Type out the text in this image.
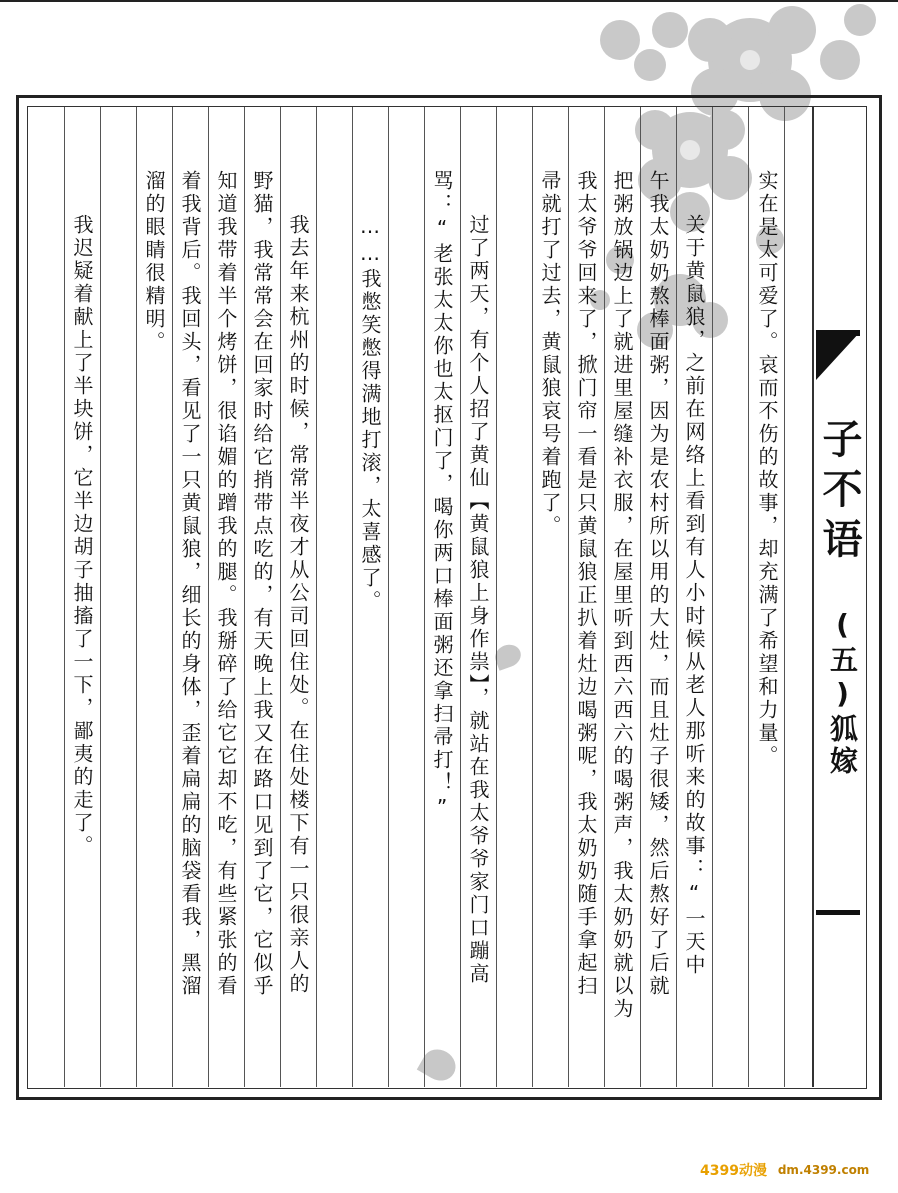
子不语
(五)狐嫁
实在是太可爱了。哀而不伤的故事，却充满了希望和力量。
关于黄鼠狼，之前在网络上看到有人小时候从老人那听来的故事：“一天中
午我太奶奶熬棒面粥，因为是农村所以用的大灶，而且灶子很矮，然后熬好了后就
把粥放锅边上了就进里屋缝补衣服，在屋里听到西六西六的喝粥声，我太奶奶就以为
我太爷爷回来了，掀门帘一看是只黄鼠狼正扒着灶边喝粥呢，我太奶奶随手拿起扫
帚就打了过去，黄鼠狼哀号着跑了。
过了两天，有个人招了黄仙【黄鼠狼上身作祟】，就站在我太爷爷家门口蹦高
骂：“老张太太你也太抠门了，喝你两口棒面粥还拿扫帚打！”
……我憋笑憋得满地打滚，太喜感了。
我去年来杭州的时候，常常半夜才从公司回住处。在住处楼下有一只很亲人的
野猫，我常常会在回家时给它捎带点吃的，有天晚上我又在路口见到了它，它似乎
知道我带着半个烤饼，很谄媚的蹭我的腿。我掰碎了给它它却不吃，有些紧张的看
着我背后。我回头，看见了一只黄鼠狼，细长的身体，歪着扁扁的脑袋看我，黑溜
溜的眼睛很精明。
我迟疑着献上了半块饼，它半边胡子抽搐了一下，鄙夷的走了。
4399动漫 dm.4399.com
